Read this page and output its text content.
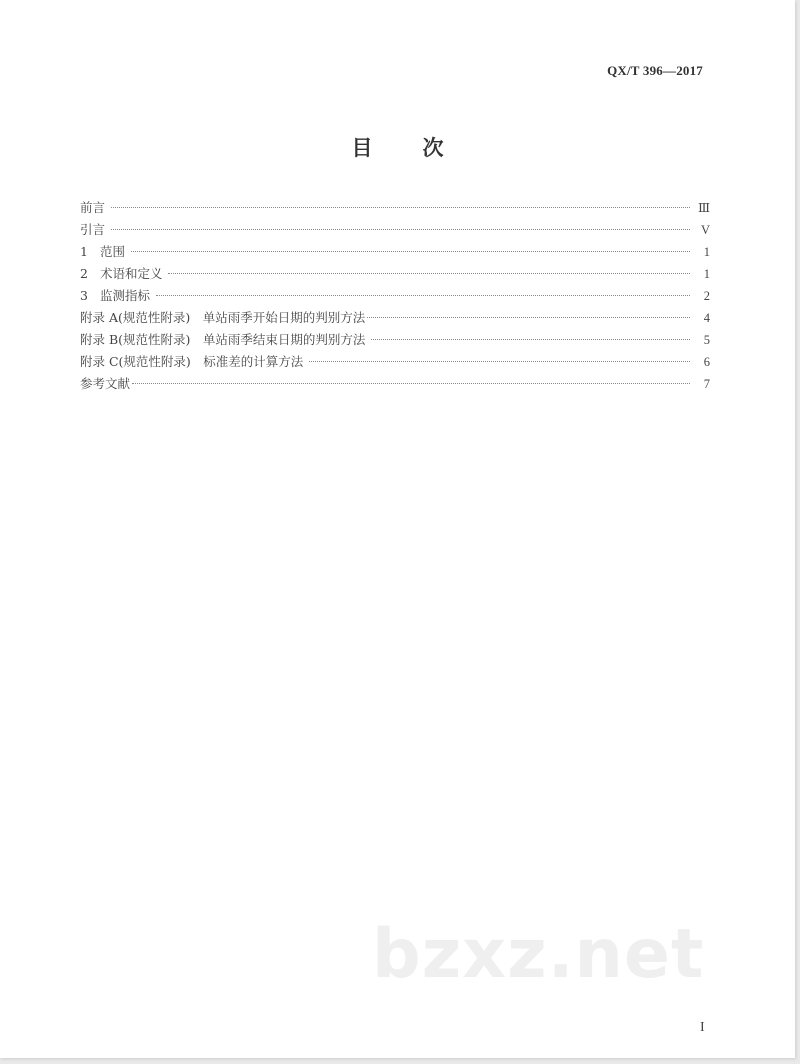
QX/T 396—2017
目 次
前言	Ⅲ
引言	V
1 范围	1
2 术语和定义	1
3 监测指标	2
附录 A(规范性附录)　单站雨季开始日期的判别方法	4
附录 B(规范性附录)　单站雨季结束日期的判别方法	5
附录 C(规范性附录)　标准差的计算方法	6
参考文献	7
bzxz.net
I
